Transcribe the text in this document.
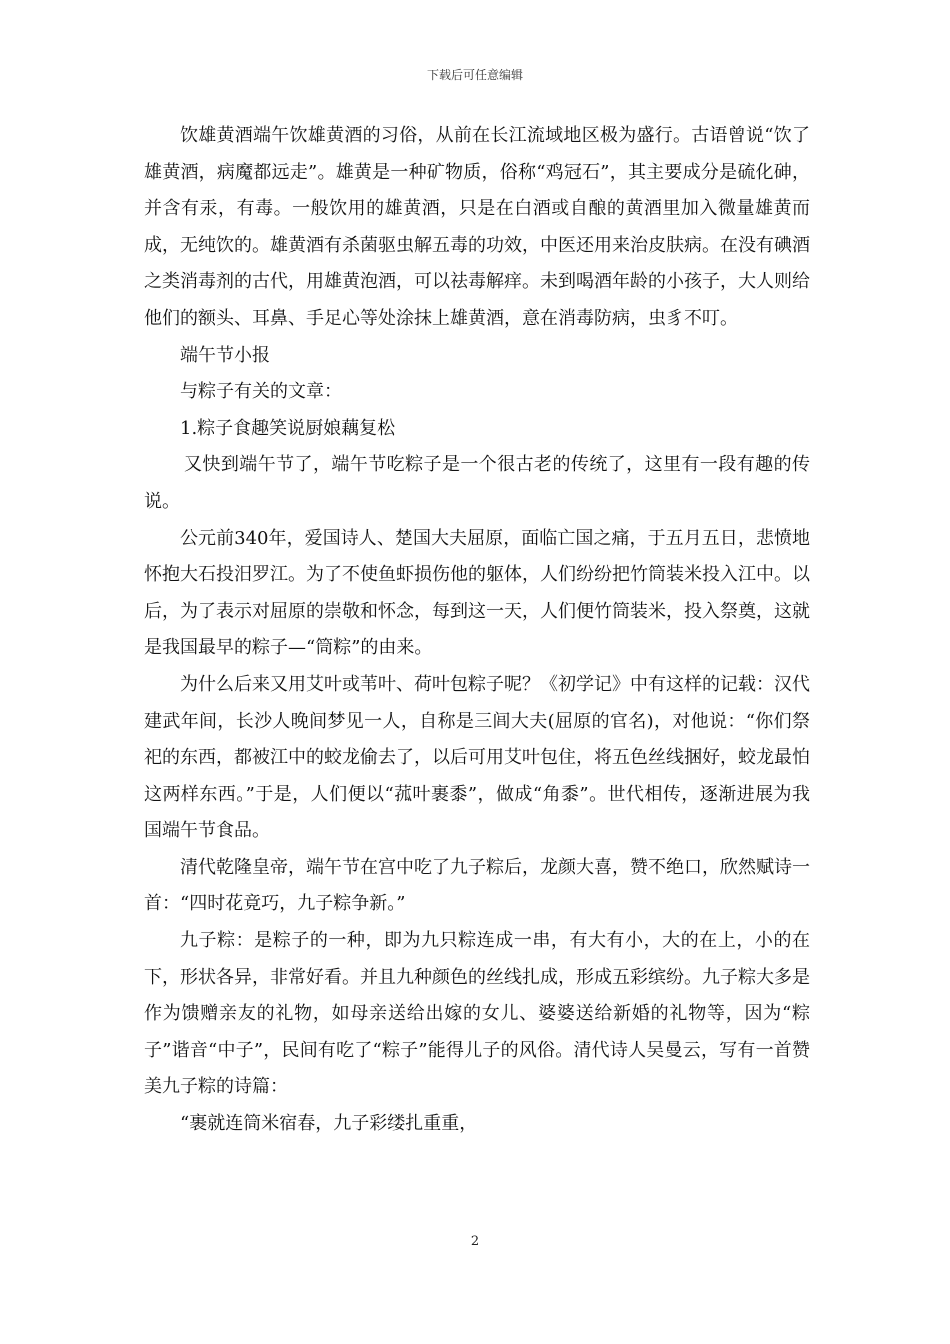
下载后可任意编辑

饮雄黄酒端午饮雄黄酒的习俗，从前在长江流域地区极为盛行。古语曾说“饮了雄黄酒，病魔都远走”。雄黄是一种矿物质，俗称“鸡冠石”，其主要成分是硫化砷，并含有汞，有毒。一般饮用的雄黄酒，只是在白酒或自酿的黄酒里加入微量雄黄而成，无纯饮的。雄黄酒有杀菌驱虫解五毒的功效，中医还用来治皮肤病。在没有碘酒之类消毒剂的古代，用雄黄泡酒，可以祛毒解痒。未到喝酒年龄的小孩子，大人则给他们的额头、耳鼻、手足心等处涂抹上雄黄酒，意在消毒防病，虫豸不叮。

端午节小报

与粽子有关的文章：

1.粽子食趣笑说厨娘藕复松

又快到端午节了，端午节吃粽子是一个很古老的传统了，这里有一段有趣的传说。

公元前340年，爱国诗人、楚国大夫屈原，面临亡国之痛，于五月五日，悲愤地怀抱大石投汨罗江。为了不使鱼虾损伤他的躯体，人们纷纷把竹筒装米投入江中。以后，为了表示对屈原的崇敬和怀念，每到这一天，人们便竹筒装米，投入祭奠，这就是我国最早的粽子—“筒粽”的由来。

为什么后来又用艾叶或苇叶、荷叶包粽子呢？《初学记》中有这样的记载：汉代建武年间，长沙人晚间梦见一人，自称是三闾大夫(屈原的官名)，对他说：“你们祭祀的东西，都被江中的蛟龙偷去了，以后可用艾叶包住，将五色丝线捆好，蛟龙最怕这两样东西。”于是，人们便以“菰叶裹黍”，做成“角黍”。世代相传，逐渐进展为我国端午节食品。

清代乾隆皇帝，端午节在宫中吃了九子粽后，龙颜大喜，赞不绝口，欣然赋诗一首：“四时花竟巧，九子粽争新。”

九子粽：是粽子的一种，即为九只粽连成一串，有大有小，大的在上，小的在下，形状各异，非常好看。并且九种颜色的丝线扎成，形成五彩缤纷。九子粽大多是作为馈赠亲友的礼物，如母亲送给出嫁的女儿、婆婆送给新婚的礼物等，因为“粽子”谐音“中子”，民间有吃了“粽子”能得儿子的风俗。清代诗人吴曼云，写有一首赞美九子粽的诗篇：

“裹就连筒米宿春，九子彩缕扎重重，

2
